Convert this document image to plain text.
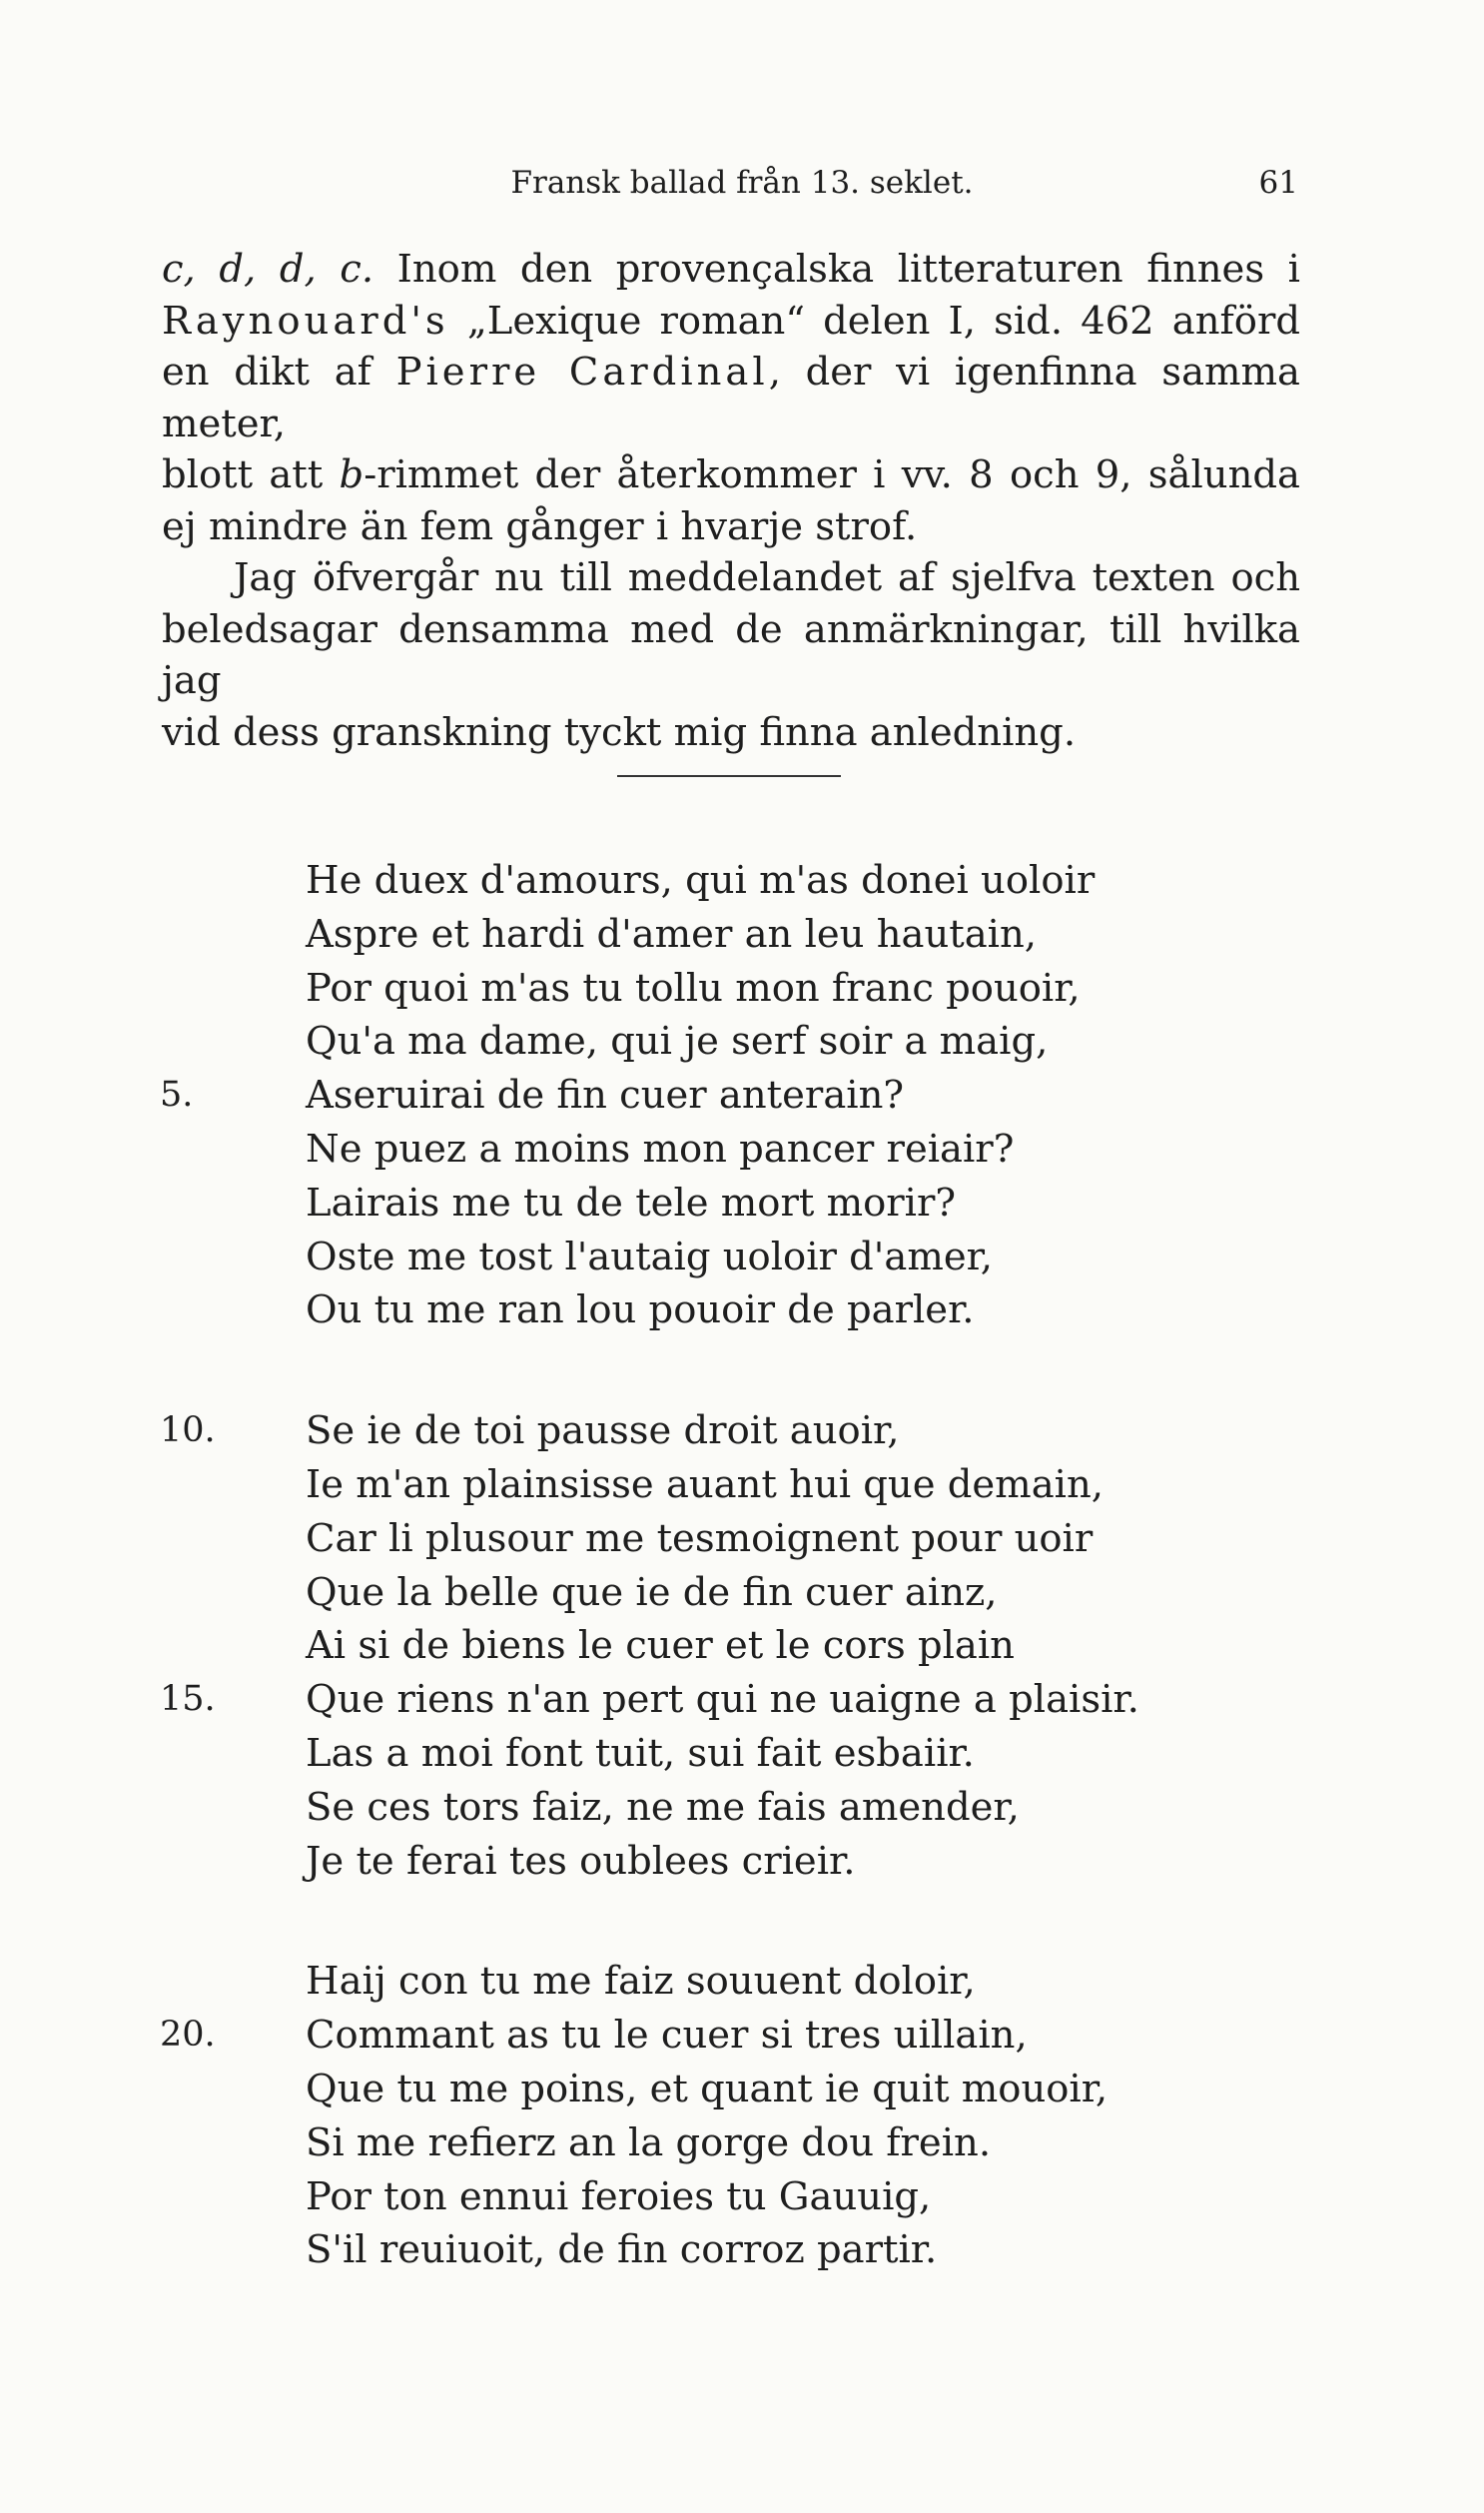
Fransk ballad från 13. seklet.	61

c, d, d, c. Inom den provençalska litteraturen finnes i

Raynouard's „Lexique roman“ delen I, sid. 462 anförd

en dikt af Pierre Cardinal, der vi igenfinna samma meter,

blott att b-rimmet der återkommer i vv. 8 och 9, sålunda

ej mindre än fem gånger i hvarje strof.

Jag öfvergår nu till meddelandet af sjelfva texten och

beledsagar densamma med de anmärkningar, till hvilka jag

vid dess granskning tyckt mig finna anledning.

He duex d'amours, qui m'as donei uoloir
Aspre et hardi d'amer an leu hautain,
Por quoi m'as tu tollu mon franc pouoir,
Qu'a ma dame, qui je serf soir a maig,
5.	Aseruirai de fin cuer anterain?
Ne puez a moins mon pancer reiair?
Lairais me tu de tele mort morir?
Oste me tost l'autaig uoloir d'amer,
Ou tu me ran lou pouoir de parler.
10. Se ie de toi pausse droit auoir,
Ie m'an plainsisse auant hui que demain,
Car li plusour me tesmoignent pour uoir
Que la belle que ie de fin cuer ainz,
Ai si de biens le cuer et le cors plain
15. Que riens n'an pert qui ne uaigne a plaisir.
Las a moi font tuit, sui fait esbaiir.
Se ces tors faiz, ne me fais amender,
Je te ferai tes oublees crieir.
Haij con tu me faiz souuent doloir,
20. Commant as tu le cuer si tres uillain,
Que tu me poins, et quant ie quit mouoir,
Si me refierz an la gorge dou frein.
Por ton ennui feroies tu Gauuig,
S'il reuiuoit, de fin corroz partir.
